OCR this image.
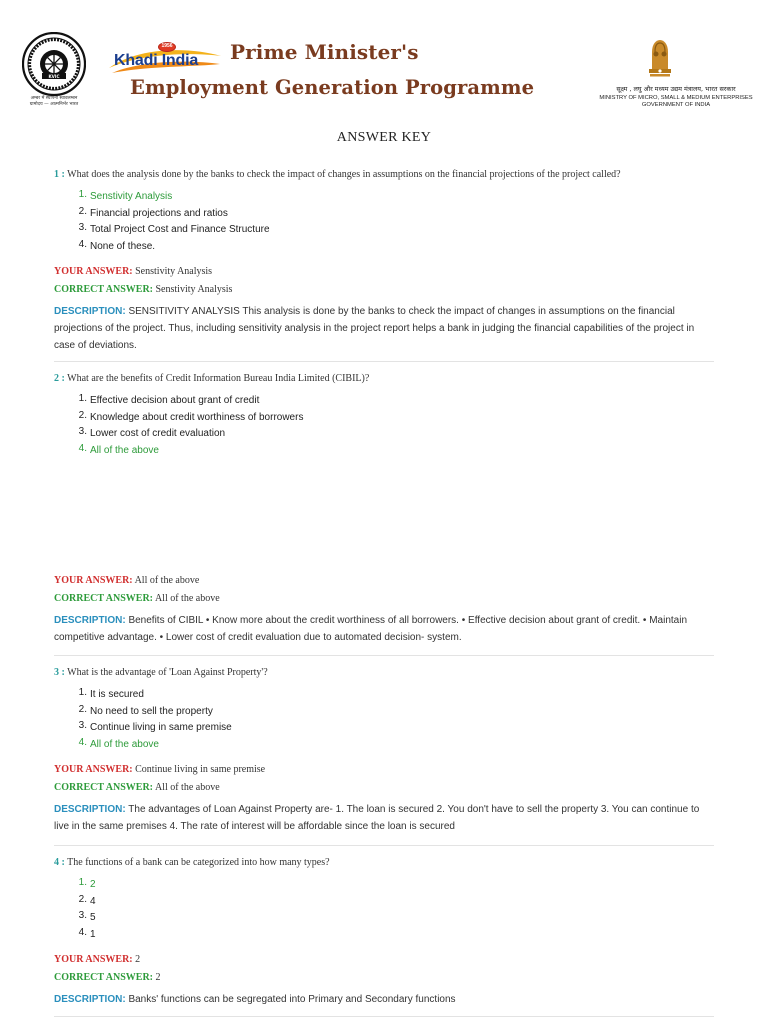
KVIC
अम्बर में स्थापना स्वावलम्बन
ग्रामोदय — आत्मनिर्भर भारत
1956
Khadi India Prime Minister's
Employment Generation Programme	सूक्ष्म , लघु और मध्यम उद्यम मंत्रालय, भारत सरकार
MINISTRY OF MICRO, SMALL & MEDIUM ENTERPRISES
GOVERNMENT OF INDIA
ANSWER KEY
1 : What does the analysis done by the banks to check the impact of changes in assumptions on the financial projections of the project called?
1. Senstivity Analysis
2. Financial projections and ratios
3. Total Project Cost and Finance Structure
4. None of these.
YOUR ANSWER: Senstivity Analysis
CORRECT ANSWER: Senstivity Analysis
DESCRIPTION: SENSITIVITY ANALYSIS This analysis is done by the banks to check the impact of changes in assumptions on the financial projections of the project. Thus, including sensitivity analysis in the project report helps a bank in judging the financial capabilities of the project in case of deviations.
2 : What are the benefits of Credit Information Bureau India Limited (CIBIL)?
1. Effective decision about grant of credit
2. Knowledge about credit worthiness of borrowers
3. Lower cost of credit evaluation
4. All of the above
YOUR ANSWER: All of the above
CORRECT ANSWER: All of the above
DESCRIPTION: Benefits of CIBIL • Know more about the credit worthiness of all borrowers. • Effective decision about grant of credit. • Maintain competitive advantage. • Lower cost of credit evaluation due to automated decision- system.
3 : What is the advantage of 'Loan Against Property'?
1. It is secured
2. No need to sell the property
3. Continue living in same premise
4. All of the above
YOUR ANSWER: Continue living in same premise
CORRECT ANSWER: All of the above
DESCRIPTION: The advantages of Loan Against Property are- 1. The loan is secured 2. You don't have to sell the property 3. You can continue to live in the same premises 4. The rate of interest will be affordable since the loan is secured
4 : The functions of a bank can be categorized into how many types?
1. 2
2. 4
3. 5
4. 1
YOUR ANSWER: 2
CORRECT ANSWER: 2
DESCRIPTION: Banks' functions can be segregated into Primary and Secondary functions
